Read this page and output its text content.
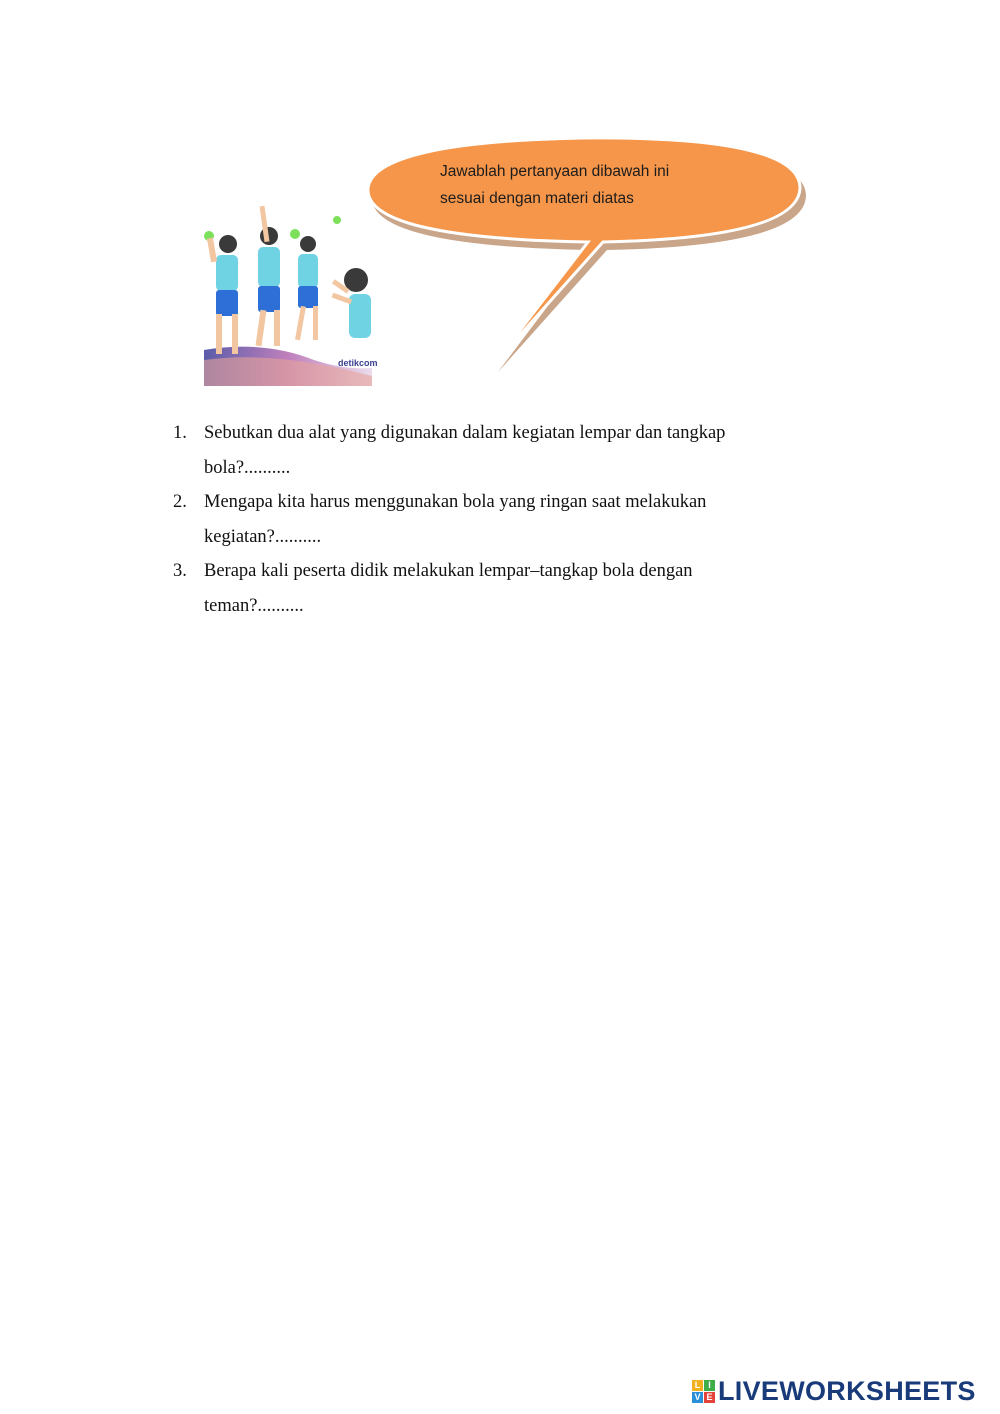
detikcom
Jawablah pertanyaan dibawah ini
sesuai dengan materi diatas
1. Sebutkan dua alat yang digunakan dalam kegiatan lempar dan tangkap
bola?..........
2. Mengapa kita harus menggunakan bola yang ringan saat melakukan
kegiatan?..........
3. Berapa kali peserta didik melakukan lempar–tangkap bola dengan
teman?..........
L I
V E LIVEWORKSHEETS
